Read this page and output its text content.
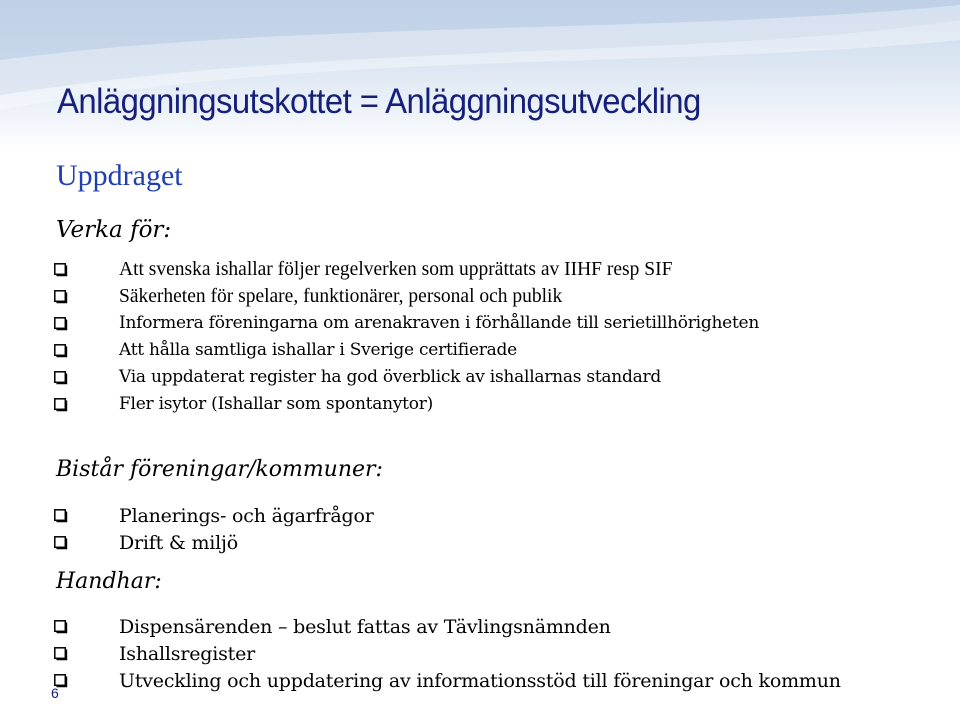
Anläggningsutskottet = Anläggningsutveckling
Uppdraget
Verka för:
Att svenska ishallar följer regelverken som upprättats av IIHF resp SIF
Säkerheten för spelare, funktionärer, personal och publik
Informera föreningarna om arenakraven i förhållande till serietillhörigheten
Att hålla samtliga ishallar i Sverige certifierade
Via uppdaterat register ha god överblick av ishallarnas standard
Fler isytor (Ishallar som spontanytor)
Bistår föreningar/kommuner:
Planerings- och ägarfrågor
Drift & miljö
Handhar:
Dispensärenden – beslut fattas av Tävlingsnämnden
Ishallsregister
Utveckling och uppdatering av informationsstöd till föreningar och kommun
6
